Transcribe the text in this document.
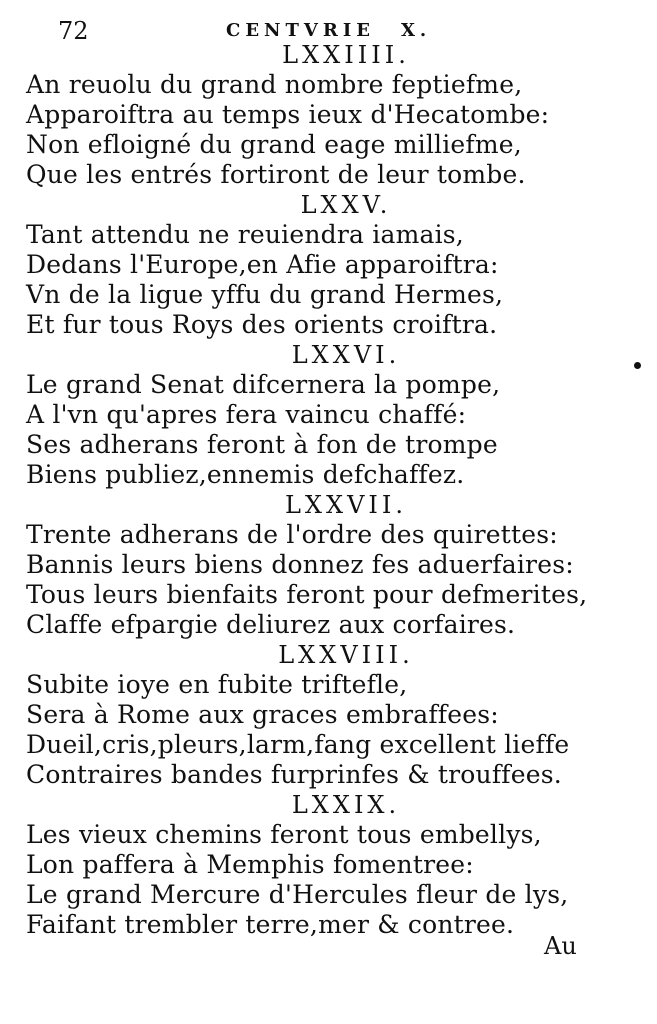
72	CENTVRIE X.
LXXIIII.
An reuolu du grand nombre feptiefme,
Apparoiftra au temps ieux d'Hecatombe:
Non efloigné du grand eage milliefme,
Que les entrés fortiront de leur tombe.
LXXV.
Tant attendu ne reuiendra iamais,
Dedans l'Europe,en Afie apparoiftra:
Vn de la ligue yffu du grand Hermes,
Et fur tous Roys des orients croiftra.
LXXVI.
Le grand Senat difcernera la pompe,
A l'vn qu'apres fera vaincu chaffé:
Ses adherans feront à fon de trompe
Biens publiez,ennemis defchaffez.
LXXVII.
Trente adherans de l'ordre des quirettes:
Bannis leurs biens donnez fes aduerfaires:
Tous leurs bienfaits feront pour defmerites,
Claffe efpargie deliurez aux corfaires.
LXXVIII.
Subite ioye en fubite triftefle,
Sera à Rome aux graces embraffees:
Dueil,cris,pleurs,larm,fang excellent lieffe
Contraires bandes furprinfes & trouffees.
LXXIX.
Les vieux chemins feront tous embellys,
Lon paffera à Memphis fomentree:
Le grand Mercure d'Hercules fleur de lys,
Faifant trembler terre,mer & contree.
Au
